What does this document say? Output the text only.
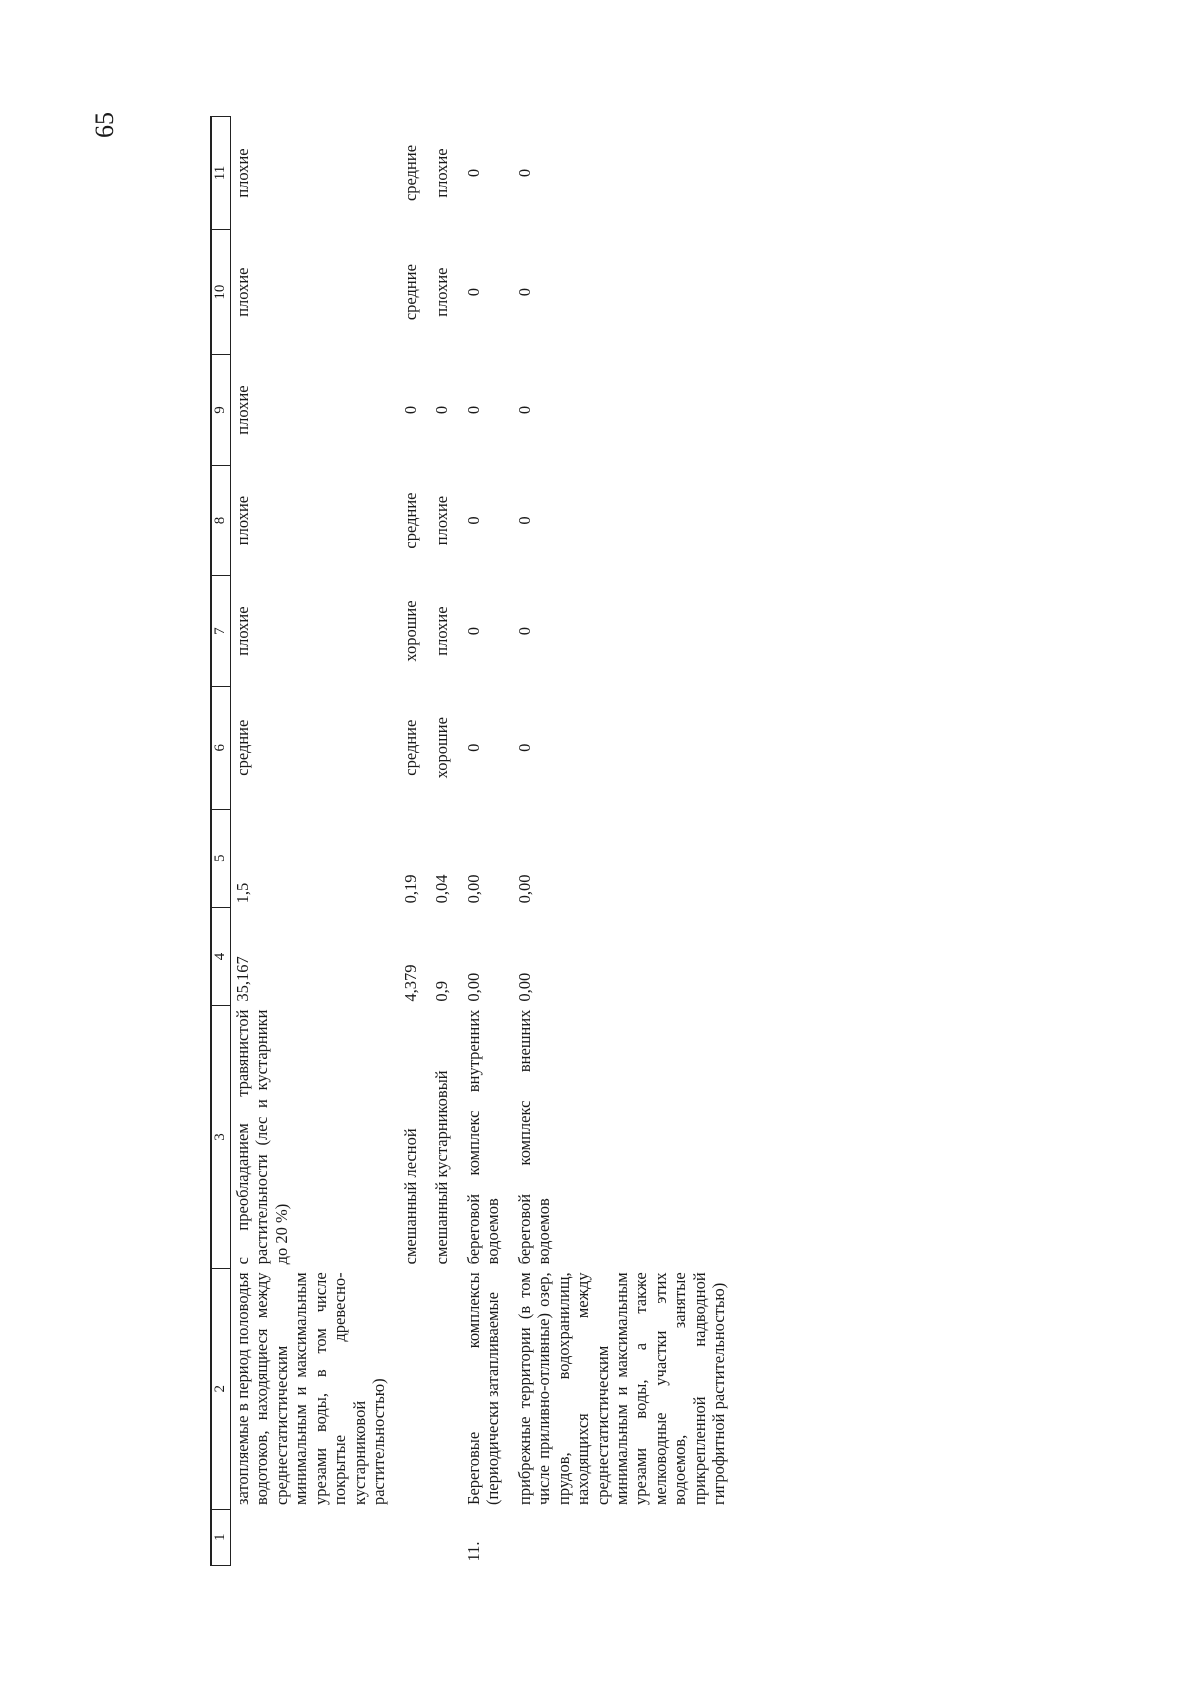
65
1	2	3	4	5	6	7	8	9	10	11
	затопляемые в период половодья водотоков, находящиеся между среднестатистическим минимальным и максимальным урезами воды, в том числе покрытые древесно-кустарниковой растительностью)	с преобладанием травянистой растительности (лес и кустарники до 20 %)	35,167	1,5	средние	плохие	плохие	плохие	плохие	плохие
		смешанный лесной	4,379	0,19	средние	хорошие	средние	0	средние	средние
		смешанный кустарниковый	0,9	0,04	хорошие	плохие	плохие	0	плохие	плохие
11.	Береговые комплексы (периодически затапливаемые	береговой комплекс внутренних водоемов	0,00	0,00	0	0	0	0	0	0
	прибрежные территории (в том числе приливно-отливные) озер, прудов, водохранилищ, находящихся между среднестатистическим минимальным и максимальным урезами воды, а также мелководные участки этих водоемов, занятые прикрепленной надводной гигрофитной растительностью)	береговой комплекс внешних водоемов	0,00	0,00	0	0	0	0	0	0
